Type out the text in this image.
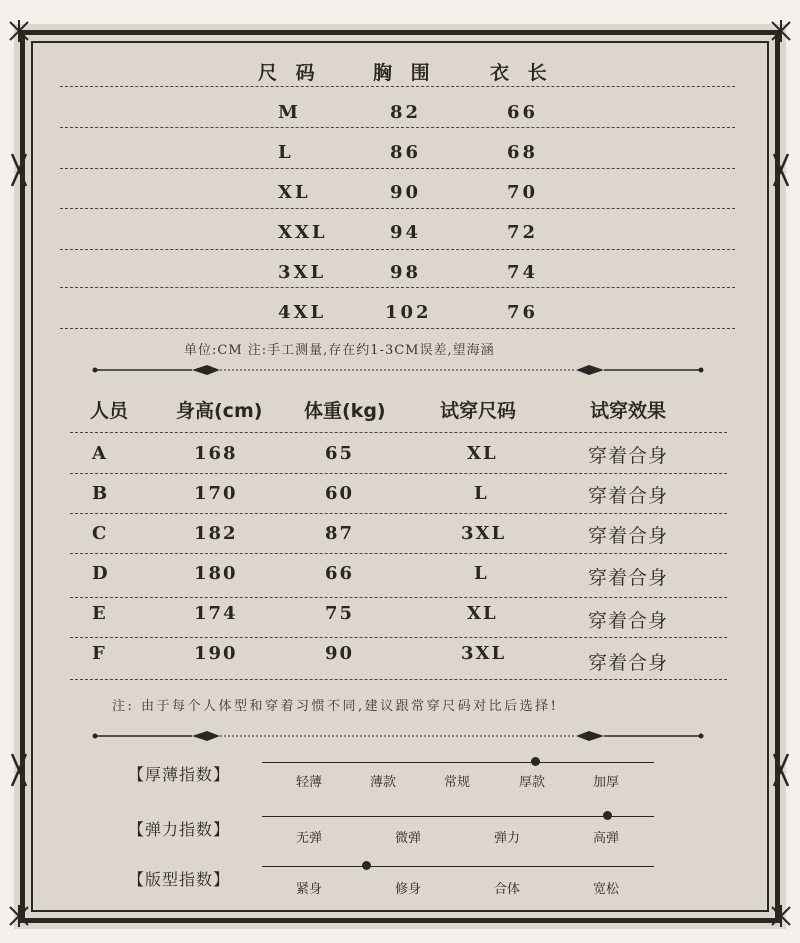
尺 码	胸 围	衣 长
M	82	66
L	86	68
XL	90	70
XXL	94	72
3XL	98	74
4XL	102	76
单位:CM 注:手工测量,存在约1-3CM误差,望海涵
人员	身高(cm) 体重(kg)	试穿尺码	试穿效果
A	168	65	XL	穿着合身
B	170	60	L	穿着合身
C	182	87	3XL	穿着合身
D	180	66	L	穿着合身
E	174	75	XL	穿着合身
F	190	90	3XL	穿着合身
注: 由于每个人体型和穿着习惯不同,建议跟常穿尺码对比后选择!
【厚薄指数】	轻薄	薄款	常规	厚款	加厚
【弹力指数】	无弹	微弹	弹力	高弹
【版型指数】
紧身	修身	合体	宽松
